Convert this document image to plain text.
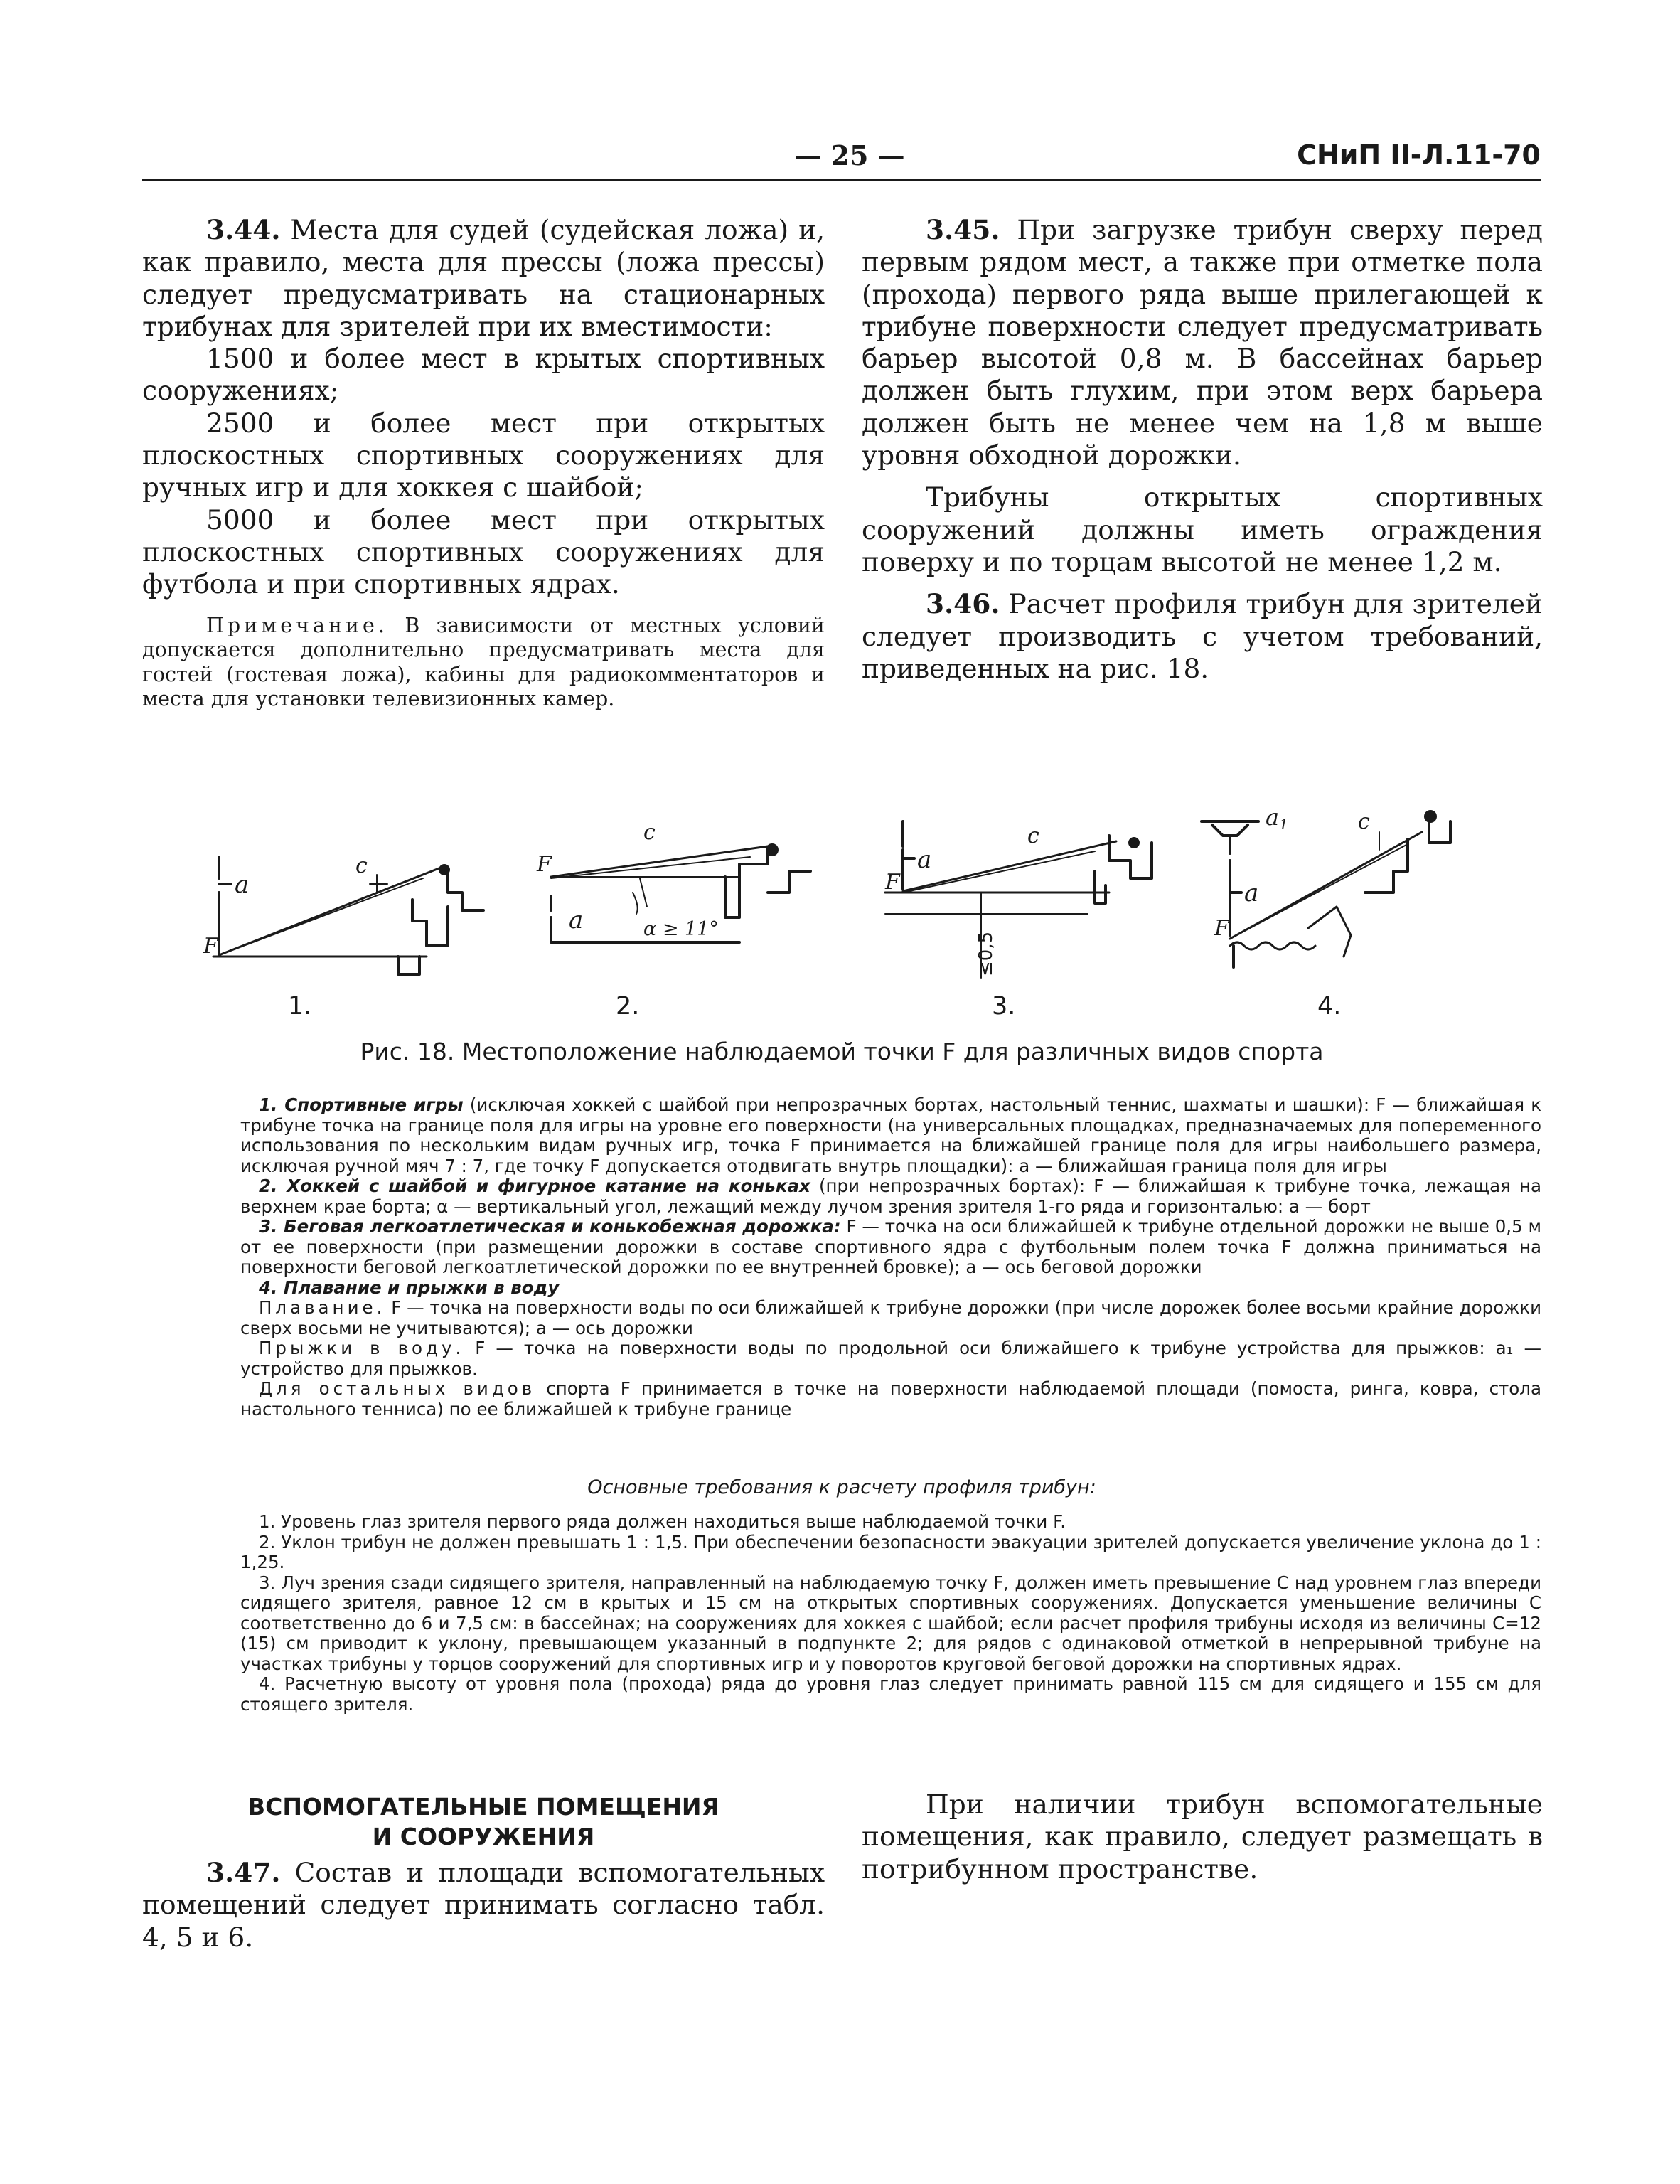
— 25 —	СНиП II-Л.11-70

3.44. Места для судей (судейская ложа) и, как правило, места для прессы (ложа прессы) следует предусматривать на стационарных трибунах для зрителей при их вместимости:

1500 и более мест в крытых спортивных сооружениях;

2500 и более мест при открытых плоскостных спортивных сооружениях для ручных игр и для хоккея с шайбой;

5000 и более мест при открытых плоскостных спортивных сооружениях для футбола и при спортивных ядрах.

Примечание. В зависимости от местных условий допускается дополнительно предусматривать места для гостей (гостевая ложа), кабины для радиокомментаторов и места для установки телевизионных камер.

3.45. При загрузке трибун сверху перед первым рядом мест, а также при отметке пола (прохода) первого ряда выше прилегающей к трибуне поверхности следует предусматривать барьер высотой 0,8 м. В бассейнах барьер должен быть глухим, при этом верх барьера должен быть не менее чем на 1,8 м выше уровня обходной дорожки.

Трибуны открытых спортивных сооружений должны иметь ограждения поверху и по торцам высотой не менее 1,2 м.

3.46. Расчет профиля трибун для зрителей следует производить с учетом требований, приведенных на рис. 18.

a
c
F
F
a	α ≥ 11°
c
a
F
c
≤0,5
a1
a
F
c
1.	2.	3.	4.
Рис. 18. Местоположение наблюдаемой точки F для различных видов спорта

1. Спортивные игры (исключая хоккей с шайбой при непрозрачных бортах, настольный теннис, шахматы и шашки): F — ближайшая к трибуне точка на границе поля для игры на уровне его поверхности (на универсальных площадках, предназначаемых для попеременного использования по нескольким видам ручных игр, точка F принимается на ближайшей границе поля для игры наибольшего размера, исключая ручной мяч 7 : 7, где точку F допускается отодвигать внутрь площадки): a — ближайшая граница поля для игры

2. Хоккей с шайбой и фигурное катание на коньках (при непрозрачных бортах): F — ближайшая к трибуне точка, лежащая на верхнем крае борта; α — вертикальный угол, лежащий между лучом зрения зрителя 1-го ряда и горизонталью: a — борт

3. Беговая легкоатлетическая и конькобежная дорожка: F — точка на оси ближайшей к трибуне отдельной дорожки не выше 0,5 м от ее поверхности (при размещении дорожки в составе спортивного ядра с футбольным полем точка F должна приниматься на поверхности беговой легкоатлетической дорожки по ее внутренней бровке); a — ось беговой дорожки

4. Плавание и прыжки в воду

Плавание. F — точка на поверхности воды по оси ближайшей к трибуне дорожки (при числе дорожек более восьми крайние дорожки сверх восьми не учитываются); a — ось дорожки

Прыжки в воду. F — точка на поверхности воды по продольной оси ближайшего к трибуне устройства для прыжков: a₁ — устройство для прыжков.

Для остальных видов спорта F принимается в точке на поверхности наблюдаемой площади (помоста, ринга, ковра, стола настольного тенниса) по ее ближайшей к трибуне границе

Основные требования к расчету профиля трибун:

1. Уровень глаз зрителя первого ряда должен находиться выше наблюдаемой точки F.

2. Уклон трибун не должен превышать 1 : 1,5. При обеспечении безопасности эвакуации зрителей допускается увеличение уклона до 1 : 1,25.

3. Луч зрения сзади сидящего зрителя, направленный на наблюдаемую точку F, должен иметь превышение C над уровнем глаз впереди сидящего зрителя, равное 12 см в крытых и 15 см на открытых спортивных сооружениях. Допускается уменьшение величины C соответственно до 6 и 7,5 см: в бассейнах; на сооружениях для хоккея с шайбой; если расчет профиля трибуны исходя из величины C=12 (15) см приводит к уклону, превышающем указанный в подпункте 2; для рядов с одинаковой отметкой в непрерывной трибуне на участках трибуны у торцов сооружений для спортивных игр и у поворотов круговой беговой дорожки на спортивных ядрах.

4. Расчетную высоту от уровня пола (прохода) ряда до уровня глаз следует принимать равной 115 см для сидящего и 155 см для стоящего зрителя.

ВСПОМОГАТЕЛЬНЫЕ ПОМЕЩЕНИЯ
И СООРУЖЕНИЯ

3.47. Состав и площади вспомогательных помещений следует принимать согласно табл. 4, 5 и 6.

При наличии трибун вспомогательные помещения, как правило, следует размещать в потрибунном пространстве.
